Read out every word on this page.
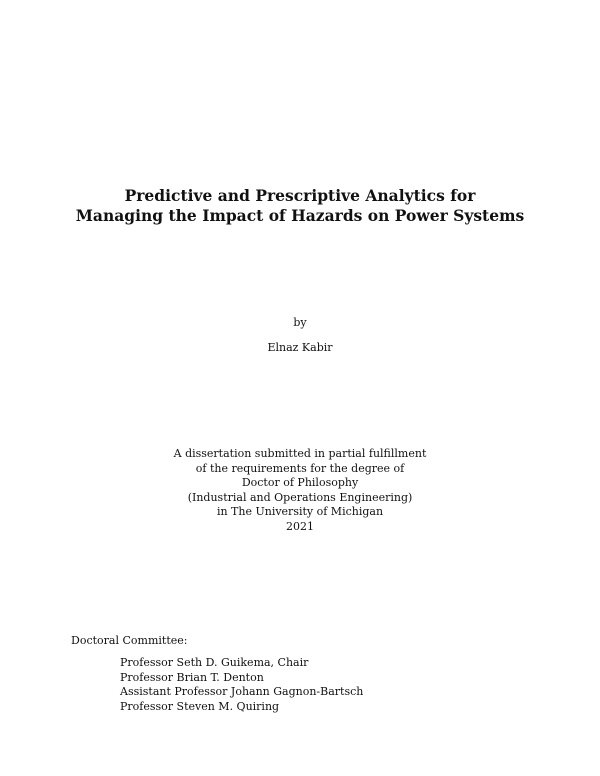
Predictive and Prescriptive Analytics for
Managing the Impact of Hazards on Power Systems
by
Elnaz Kabir
A dissertation submitted in partial fulfillment
of the requirements for the degree of
Doctor of Philosophy
(Industrial and Operations Engineering)
in The University of Michigan
2021
Doctoral Committee:
Professor Seth D. Guikema, Chair
Professor Brian T. Denton
Assistant Professor Johann Gagnon-Bartsch
Professor Steven M. Quiring
